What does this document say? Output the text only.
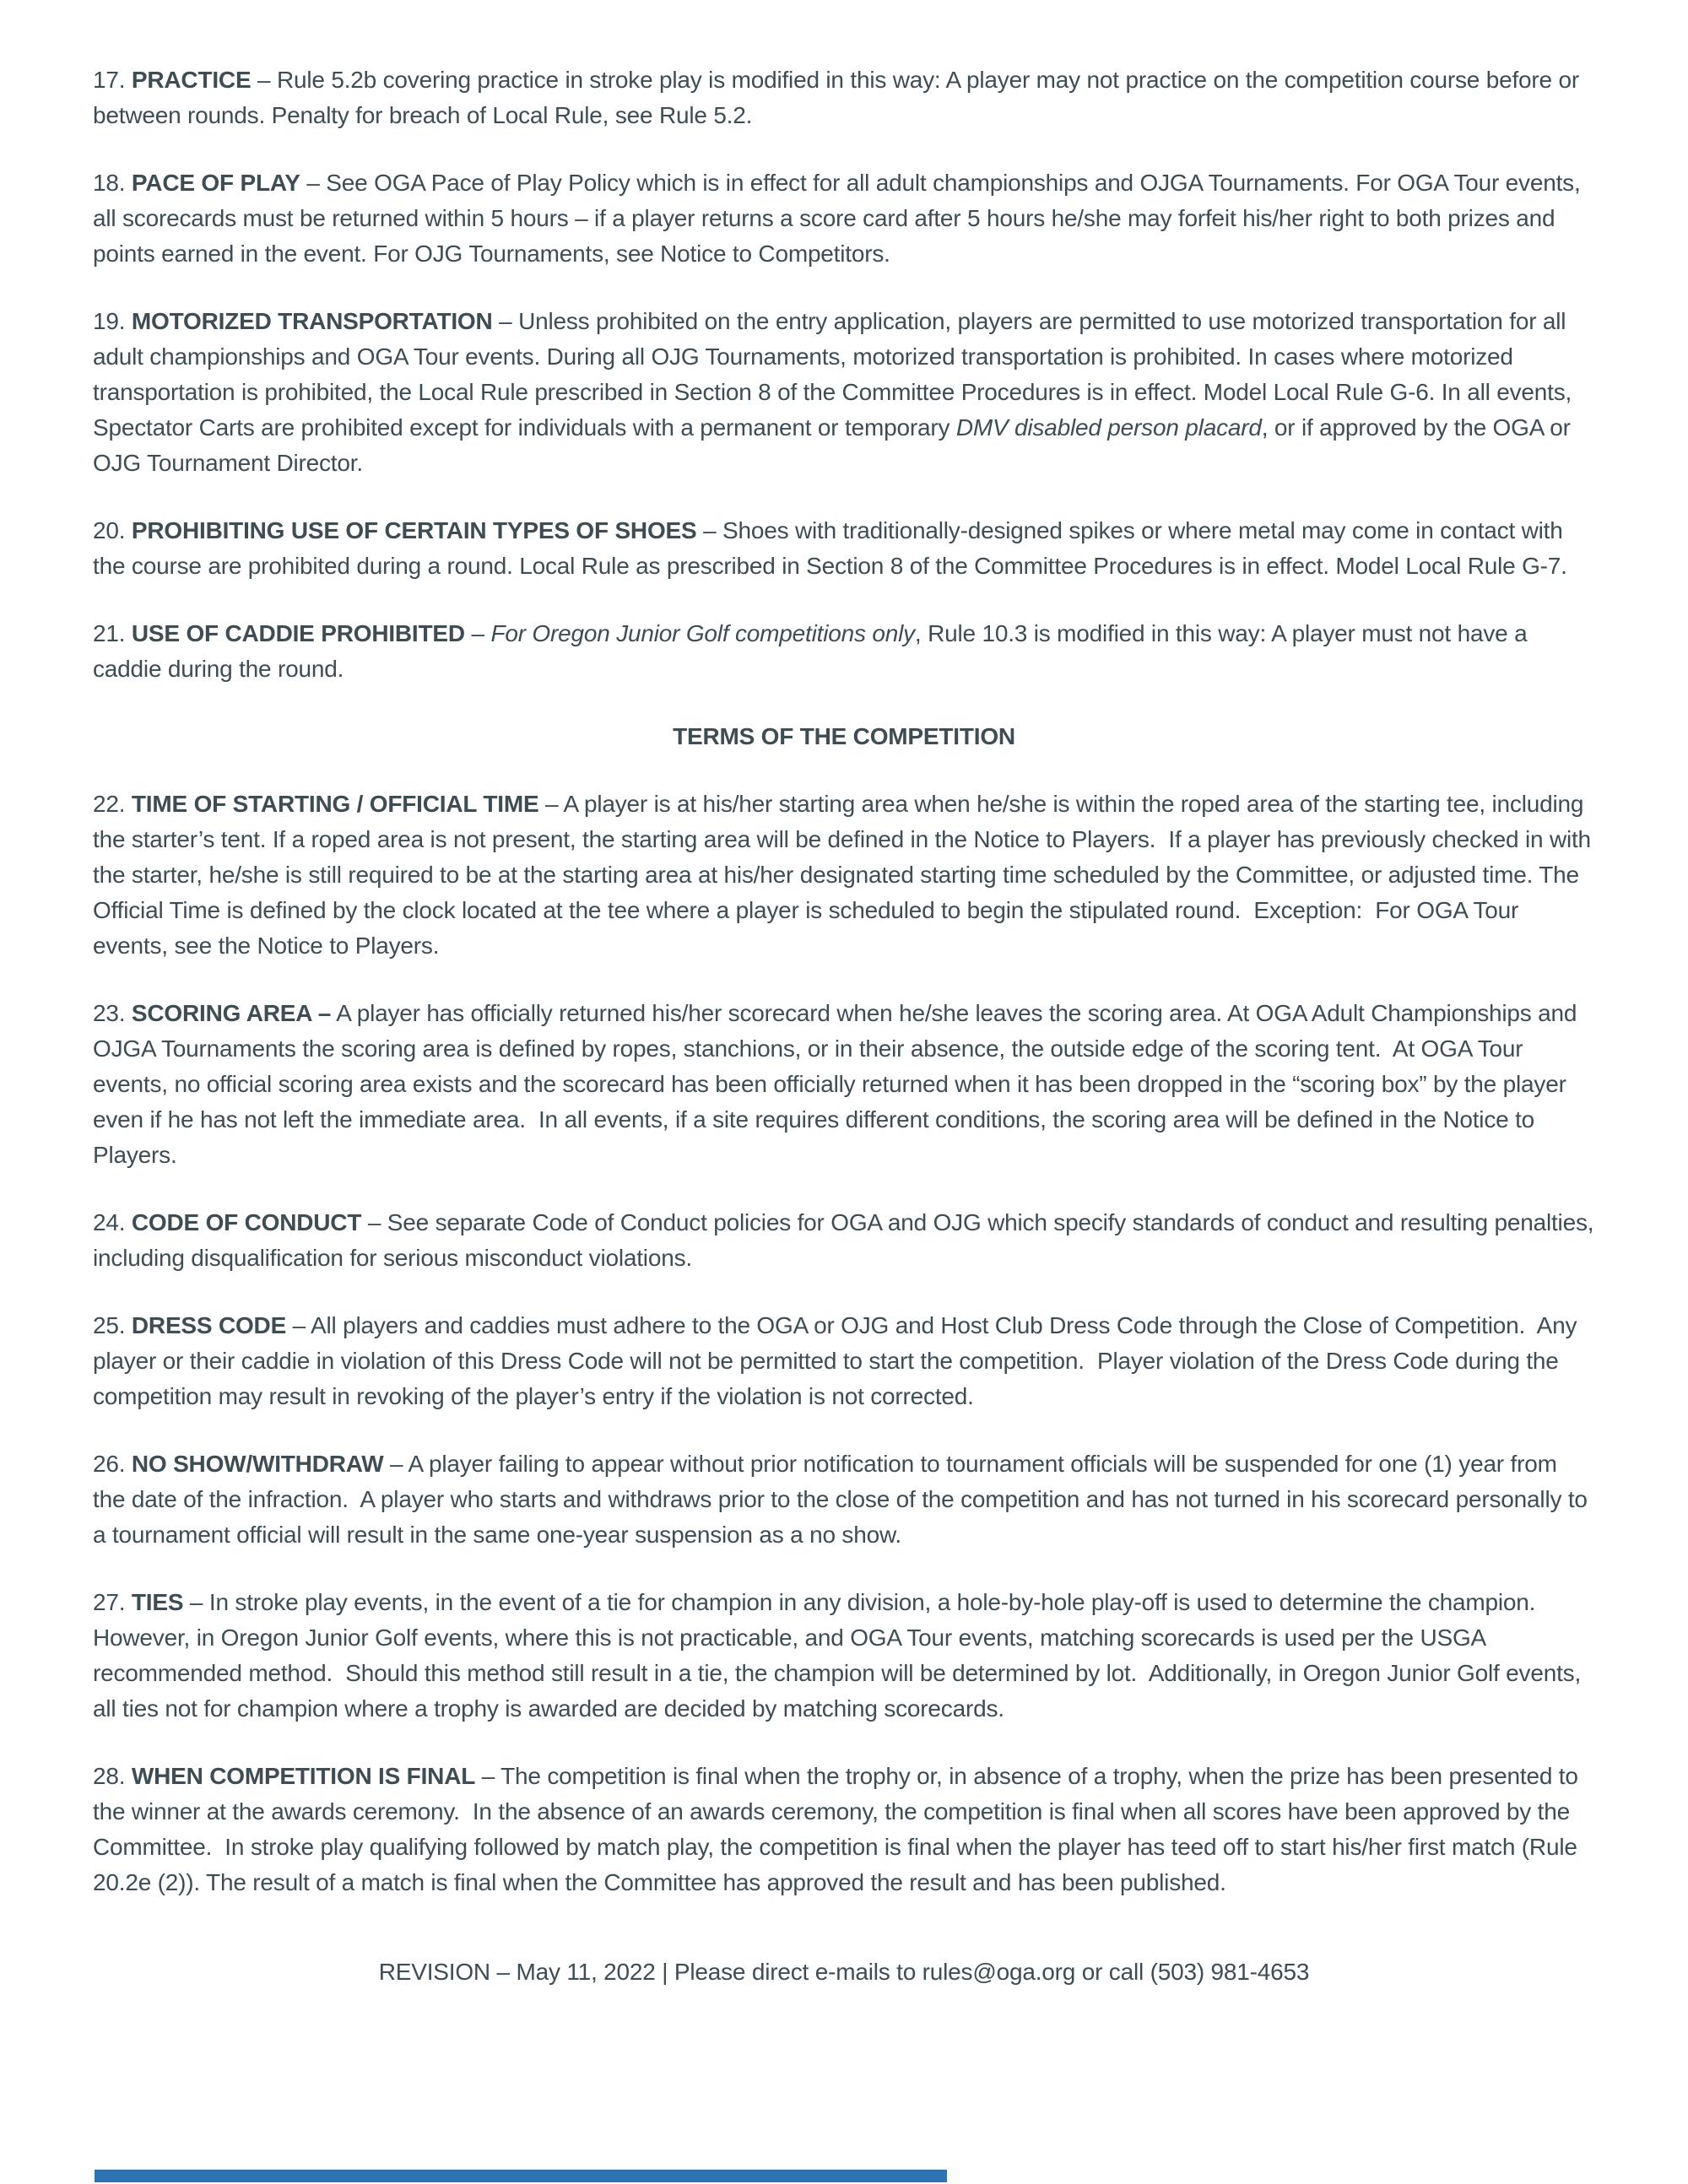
17. PRACTICE – Rule 5.2b covering practice in stroke play is modified in this way: A player may not practice on the competition course before or between rounds. Penalty for breach of Local Rule, see Rule 5.2.

18. PACE OF PLAY – See OGA Pace of Play Policy which is in effect for all adult championships and OJGA Tournaments. For OGA Tour events, all scorecards must be returned within 5 hours – if a player returns a score card after 5 hours he/she may forfeit his/her right to both prizes and points earned in the event. For OJG Tournaments, see Notice to Competitors.

19. MOTORIZED TRANSPORTATION – Unless prohibited on the entry application, players are permitted to use motorized transportation for all adult championships and OGA Tour events. During all OJG Tournaments, motorized transportation is prohibited. In cases where motorized transportation is prohibited, the Local Rule prescribed in Section 8 of the Committee Procedures is in effect. Model Local Rule G-6. In all events, Spectator Carts are prohibited except for individuals with a permanent or temporary DMV disabled person placard, or if approved by the OGA or OJG Tournament Director.

20. PROHIBITING USE OF CERTAIN TYPES OF SHOES – Shoes with traditionally-designed spikes or where metal may come in contact with the course are prohibited during a round. Local Rule as prescribed in Section 8 of the Committee Procedures is in effect. Model Local Rule G-7.

21. USE OF CADDIE PROHIBITED – For Oregon Junior Golf competitions only, Rule 10.3 is modified in this way: A player must not have a caddie during the round.

TERMS OF THE COMPETITION

22. TIME OF STARTING / OFFICIAL TIME – A player is at his/her starting area when he/she is within the roped area of the starting tee, including the starter’s tent. If a roped area is not present, the starting area will be defined in the Notice to Players.  If a player has previously checked in with the starter, he/she is still required to be at the starting area at his/her designated starting time scheduled by the Committee, or adjusted time. The Official Time is defined by the clock located at the tee where a player is scheduled to begin the stipulated round.  Exception:  For OGA Tour events, see the Notice to Players.

23. SCORING AREA – A player has officially returned his/her scorecard when he/she leaves the scoring area. At OGA Adult Championships and OJGA Tournaments the scoring area is defined by ropes, stanchions, or in their absence, the outside edge of the scoring tent.  At OGA Tour events, no official scoring area exists and the scorecard has been officially returned when it has been dropped in the “scoring box” by the player even if he has not left the immediate area.  In all events, if a site requires different conditions, the scoring area will be defined in the Notice to Players.

24. CODE OF CONDUCT – See separate Code of Conduct policies for OGA and OJG which specify standards of conduct and resulting penalties, including disqualification for serious misconduct violations.

25. DRESS CODE – All players and caddies must adhere to the OGA or OJG and Host Club Dress Code through the Close of Competition.  Any player or their caddie in violation of this Dress Code will not be permitted to start the competition.  Player violation of the Dress Code during the competition may result in revoking of the player’s entry if the violation is not corrected.

26. NO SHOW/WITHDRAW – A player failing to appear without prior notification to tournament officials will be suspended for one (1) year from the date of the infraction.  A player who starts and withdraws prior to the close of the competition and has not turned in his scorecard personally to a tournament official will result in the same one-year suspension as a no show.

27. TIES – In stroke play events, in the event of a tie for champion in any division, a hole-by-hole play-off is used to determine the champion.  However, in Oregon Junior Golf events, where this is not practicable, and OGA Tour events, matching scorecards is used per the USGA recommended method.  Should this method still result in a tie, the champion will be determined by lot.  Additionally, in Oregon Junior Golf events, all ties not for champion where a trophy is awarded are decided by matching scorecards.

28. WHEN COMPETITION IS FINAL – The competition is final when the trophy or, in absence of a trophy, when the prize has been presented to the winner at the awards ceremony.  In the absence of an awards ceremony, the competition is final when all scores have been approved by the Committee.  In stroke play qualifying followed by match play, the competition is final when the player has teed off to start his/her first match (Rule 20.2e (2)). The result of a match is final when the Committee has approved the result and has been published.

REVISION – May 11, 2022 | Please direct e-mails to rules@oga.org or call (503) 981-4653
